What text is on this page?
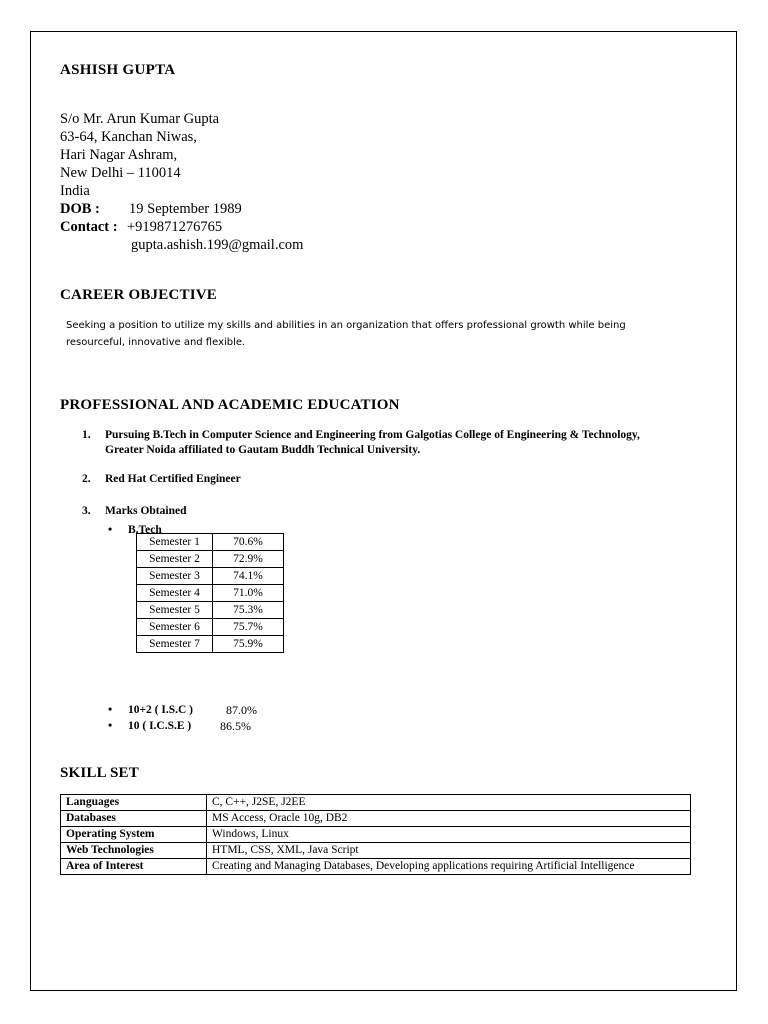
ASHISH GUPTA
S/o Mr. Arun Kumar Gupta
63-64, Kanchan Niwas,
Hari Nagar Ashram,
New Delhi – 110014
India
DOB : 19 September 1989
Contact : +919871276765
gupta.ashish.199@gmail.com
CAREER OBJECTIVE
Seeking a position to utilize my skills and abilities in an organization that offers professional growth while being resourceful, innovative and flexible.
PROFESSIONAL AND ACADEMIC EDUCATION
1. Pursuing B.Tech in Computer Science and Engineering from Galgotias College of Engineering & Technology, Greater Noida affiliated to Gautam Buddh Technical University.
2. Red Hat Certified Engineer
3. Marks Obtained
• B.Tech
Semester 1	70.6%
Semester 2	72.9%
Semester 3	74.1%
Semester 4	71.0%
Semester 5	75.3%
Semester 6	75.7%
Semester 7	75.9%
• 10+2 ( I.S.C )	87.0%
• 10 ( I.C.S.E ) 86.5%
SKILL SET
Languages	C, C++, J2SE, J2EE
Databases	MS Access, Oracle 10g, DB2
Operating System	Windows, Linux
Web Technologies	HTML, CSS, XML, Java Script
Area of Interest	Creating and Managing Databases, Developing applications requiring Artificial Intelligence
